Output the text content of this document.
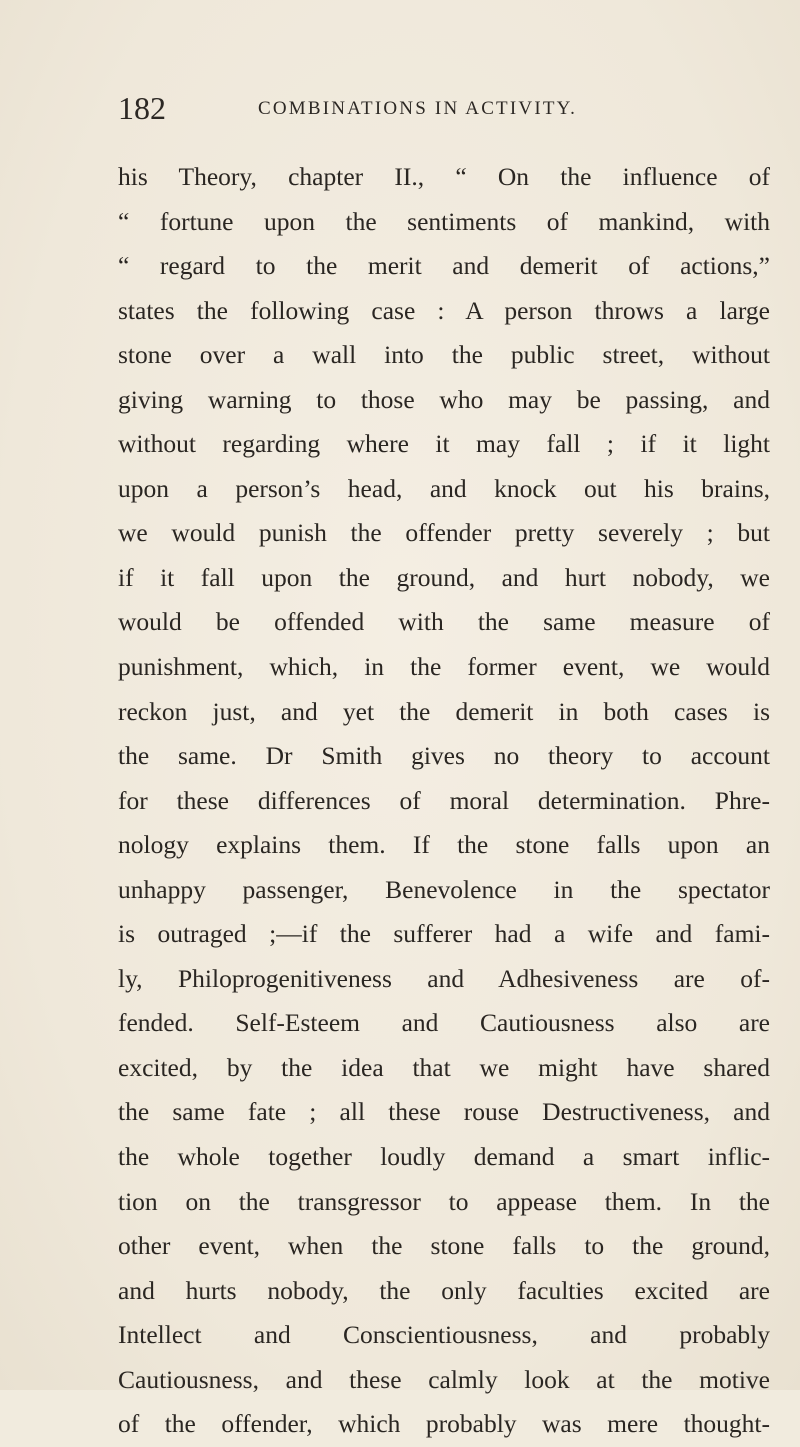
182	COMBINATIONS IN ACTIVITY.
his Theory, chapter II., “ On the influence of
“ fortune upon the sentiments of mankind, with
“ regard to the merit and demerit of actions,”
states the following case : A person throws a large
stone over a wall into the public street, without
giving warning to those who may be passing, and
without regarding where it may fall ; if it light
upon a person’s head, and knock out his brains,
we would punish the offender pretty severely ; but
if it fall upon the ground, and hurt nobody, we
would be offended with the same measure of
punishment, which, in the former event, we would
reckon just, and yet the demerit in both cases is
the same. Dr Smith gives no theory to account
for these differences of moral determination. Phre-
nology explains them. If the stone falls upon an
unhappy passenger, Benevolence in the spectator
is outraged ;—if the sufferer had a wife and fami-
ly, Philoprogenitiveness and Adhesiveness are of-
fended. Self-Esteem and Cautiousness also are
excited, by the idea that we might have shared
the same fate ; all these rouse Destructiveness, and
the whole together loudly demand a smart inflic-
tion on the transgressor to appease them. In the
other event, when the stone falls to the ground,
and hurts nobody, the only faculties excited are
Intellect and Conscientiousness, and probably
Cautiousness, and these calmly look at the motive
of the offender, which probably was mere thought-
